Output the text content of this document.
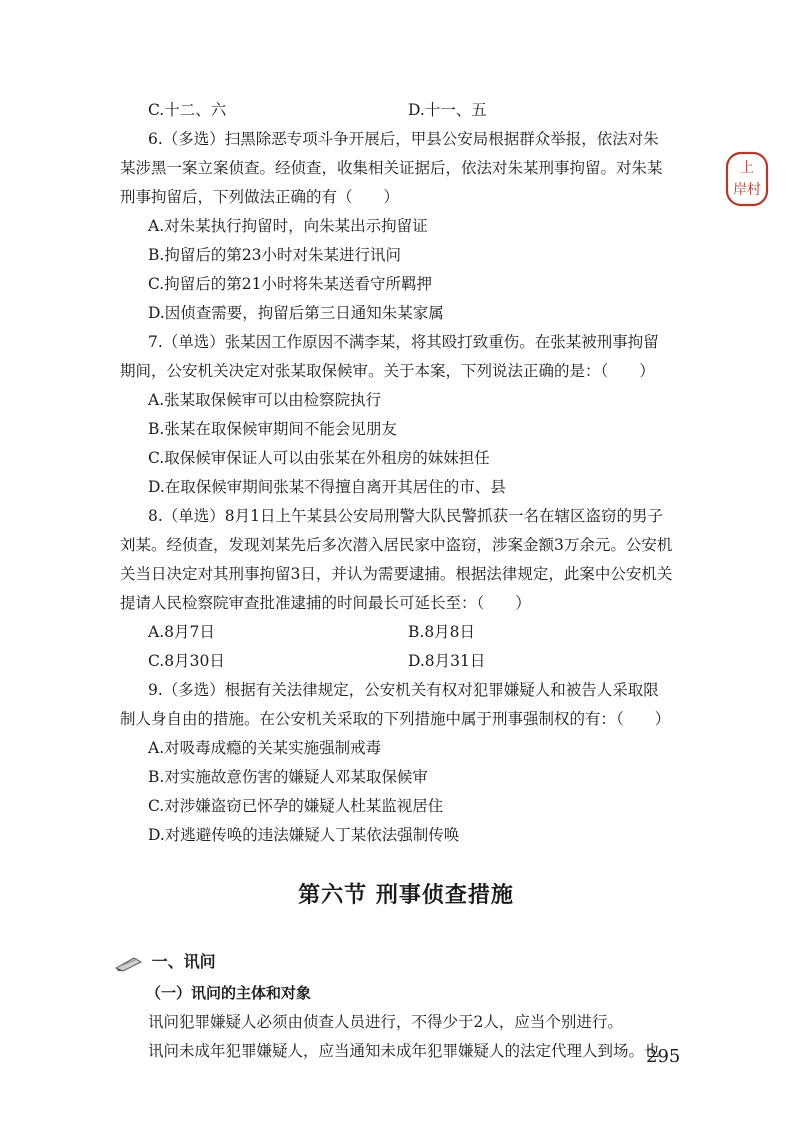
上
岸村
C.十二、六	D.十一、五
6.（多选）扫黑除恶专项斗争开展后，甲县公安局根据群众举报，依法对朱
某涉黑一案立案侦查。经侦查，收集相关证据后，依法对朱某刑事拘留。对朱某
刑事拘留后，下列做法正确的有（　　）
A.对朱某执行拘留时，向朱某出示拘留证
B.拘留后的第23小时对朱某进行讯问
C.拘留后的第21小时将朱某送看守所羁押
D.因侦查需要，拘留后第三日通知朱某家属
7.（单选）张某因工作原因不满李某，将其殴打致重伤。在张某被刑事拘留
期间，公安机关决定对张某取保候审。关于本案，下列说法正确的是：（　　）
A.张某取保候审可以由检察院执行
B.张某在取保候审期间不能会见朋友
C.取保候审保证人可以由张某在外租房的妹妹担任
D.在取保候审期间张某不得擅自离开其居住的市、县
8.（单选）8月1日上午某县公安局刑警大队民警抓获一名在辖区盗窃的男子
刘某。经侦查，发现刘某先后多次潜入居民家中盗窃，涉案金额3万余元。公安机
关当日决定对其刑事拘留3日，并认为需要逮捕。根据法律规定，此案中公安机关
提请人民检察院审查批准逮捕的时间最长可延长至：（　　）
A.8月7日	B.8月8日
C.8月30日	D.8月31日
9.（多选）根据有关法律规定，公安机关有权对犯罪嫌疑人和被告人采取限
制人身自由的措施。在公安机关采取的下列措施中属于刑事强制权的有：（　　）
A.对吸毒成瘾的关某实施强制戒毒
B.对实施故意伤害的嫌疑人邓某取保候审
C.对涉嫌盗窃已怀孕的嫌疑人杜某监视居住
D.对逃避传唤的违法嫌疑人丁某依法强制传唤
第六节 刑事侦查措施
一、讯问
（一）讯问的主体和对象
讯问犯罪嫌疑人必须由侦查人员进行，不得少于2人，应当个别进行。
讯问未成年犯罪嫌疑人，应当通知未成年犯罪嫌疑人的法定代理人到场。也
295
